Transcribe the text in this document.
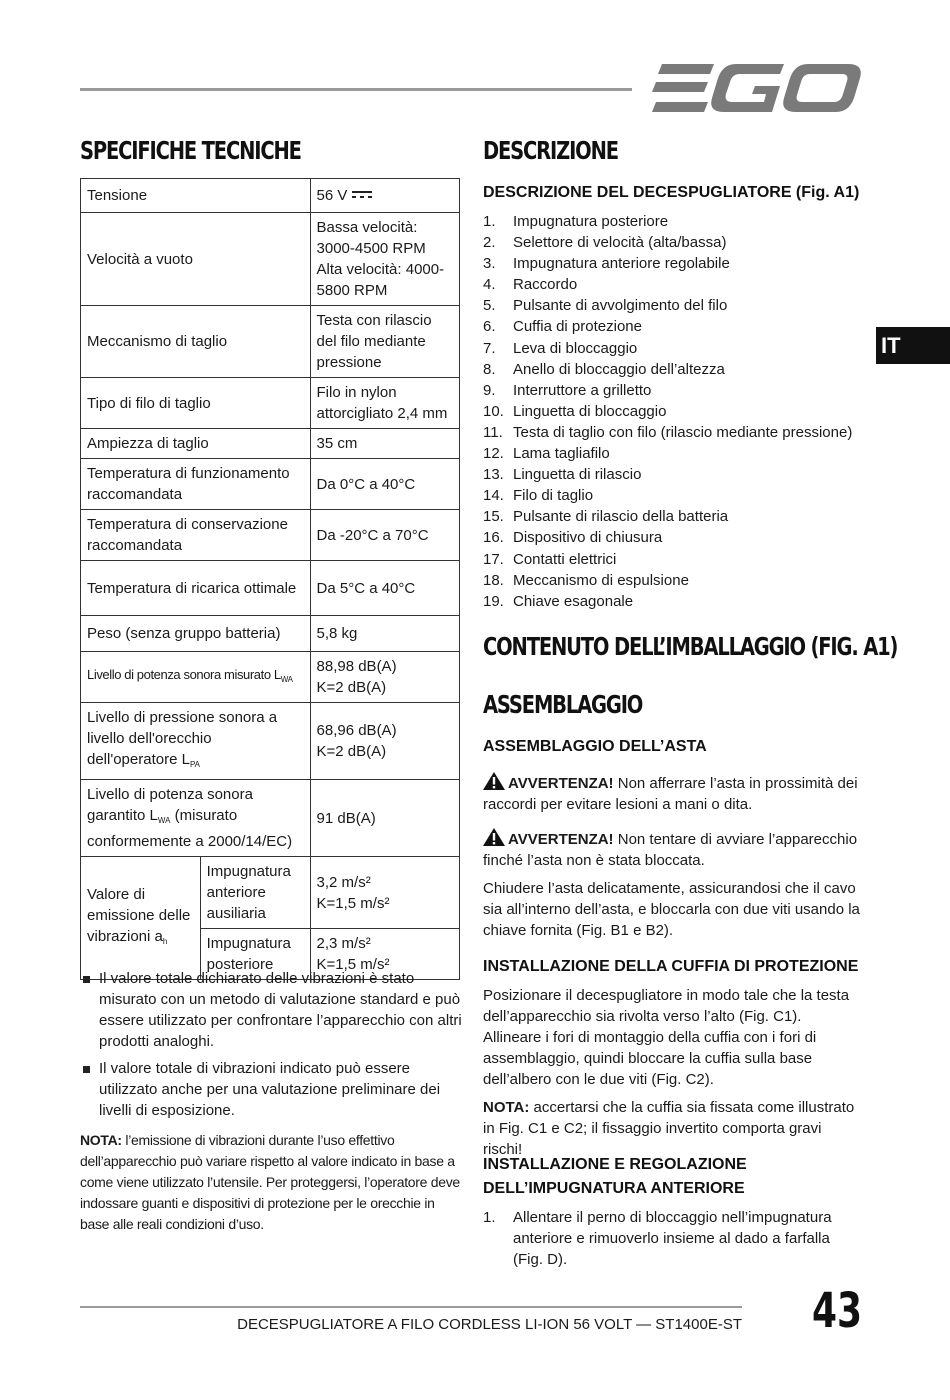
IT
SPECIFICHE TECNICHE
Tensione		56 V
Velocità a vuoto		Bassa velocità: 3000-4500 RPM Alta velocità: 4000-5800 RPM
Meccanismo di taglio		Testa con rilascio del filo mediante pressione
Tipo di filo di taglio		Filo in nylon attorcigliato 2,4 mm
Ampiezza di taglio		35 cm
Temperatura di funzionamento raccomandata		Da 0°C a 40°C
Temperatura di conservazione raccomandata		Da -20°C a 70°C
Temperatura di ricarica ottimale		Da 5°C a 40°C
Peso (senza gruppo batteria)		5,8 kg
Livello di potenza sonora misurato $L_{WA}$		88,98 dB(A)
K=2 dB(A)
Livello di pressione sonora a livello dell'orecchio dell'operatore $L_{PA}$		68,96 dB(A)
K=2 dB(A)
Livello di potenza sonora garantito $L_{WA}$ (misurato conformemente a 2000/14/EC)		91 dB(A)
Valore di emissione delle vibrazioni $a_h$	Impugnatura anteriore ausiliaria	3,2 m/s²
K=1,5 m/s²
	Impugnatura posteriore	2,3 m/s²
K=1,5 m/s²
Il valore totale dichiarato delle vibrazioni è stato misurato con un metodo di valutazione standard e può essere utilizzato per confrontare l’apparecchio con altri prodotti analoghi.
Il valore totale di vibrazioni indicato può essere utilizzato anche per una valutazione preliminare dei livelli di esposizione.

NOTA: l’emissione di vibrazioni durante l’uso effettivo dell’apparecchio può variare rispetto al valore indicato in base a come viene utilizzato l’utensile. Per proteggersi, l’operatore deve indossare guanti e dispositivi di protezione per le orecchie in base alle reali condizioni d’uso.

DESCRIZIONE
DESCRIZIONE DEL DECESPUGLIATORE (Fig. A1)
1. Impugnatura posteriore
2. Selettore di velocità (alta/bassa)
3. Impugnatura anteriore regolabile
4. Raccordo
5. Pulsante di avvolgimento del filo
6. Cuffia di protezione
7. Leva di bloccaggio
8. Anello di bloccaggio dell’altezza
9. Interruttore a grilletto
10. Linguetta di bloccaggio
11. Testa di taglio con filo (rilascio mediante pressione)
12. Lama tagliafilo
13. Linguetta di rilascio
14. Filo di taglio
15. Pulsante di rilascio della batteria
16. Dispositivo di chiusura
17. Contatti elettrici
18. Meccanismo di espulsione
19. Chiave esagonale
CONTENUTO DELL’IMBALLAGGIO (FIG. A1)
ASSEMBLAGGIO
ASSEMBLAGGIO DELL’ASTA

AVVERTENZA! Non afferrare l’asta in prossimità dei raccordi per evitare lesioni a mani o dita.

AVVERTENZA! Non tentare di avviare l’apparecchio finché l’asta non è stata bloccata.

Chiudere l’asta delicatamente, assicurandosi che il cavo sia all’interno dell’asta, e bloccarla con due viti usando la chiave fornita (Fig. B1 e B2).

INSTALLAZIONE DELLA CUFFIA DI PROTEZIONE

Posizionare il decespugliatore in modo tale che la testa dell’apparecchio sia rivolta verso l’alto (Fig. C1). Allineare i fori di montaggio della cuffia con i fori di assemblaggio, quindi bloccare la cuffia sulla base dell’albero con le due viti (Fig. C2).

NOTA: accertarsi che la cuffia sia fissata come illustrato in Fig. C1 e C2; il fissaggio invertito comporta gravi rischi!

INSTALLAZIONE E REGOLAZIONE
DELL’IMPUGNATURA ANTERIORE
1. Allentare il perno di bloccaggio nell’impugnatura anteriore e rimuoverlo insieme al dado a farfalla (Fig. D).
DECESPUGLIATORE A FILO CORDLESS LI-ION 56 VOLT — ST1400E-ST 43
